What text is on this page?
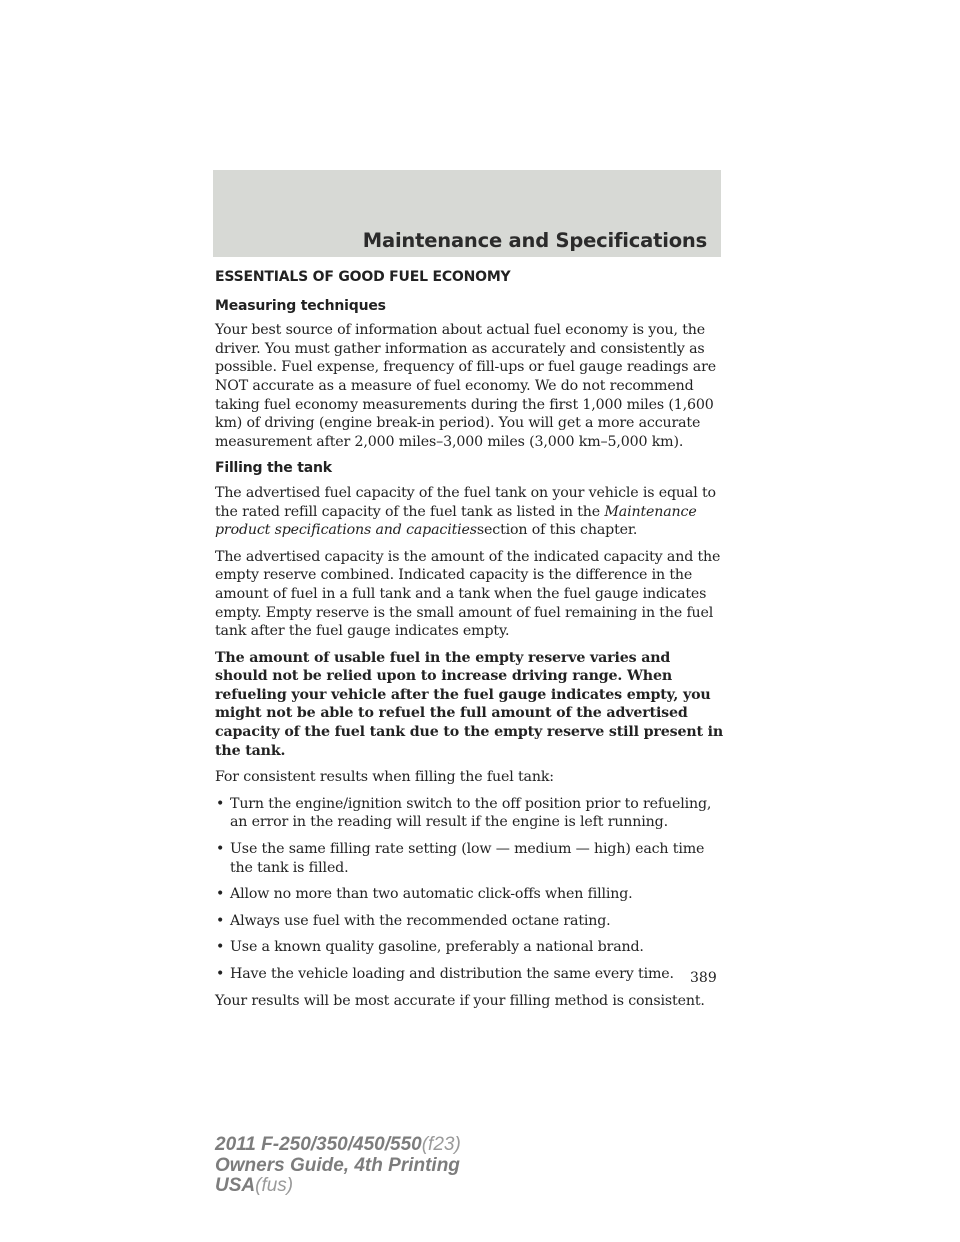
Maintenance and Specifications
ESSENTIALS OF GOOD FUEL ECONOMY
Measuring techniques

Your best source of information about actual fuel economy is you, the driver. You must gather information as accurately and consistently as possible. Fuel expense, frequency of fill-ups or fuel gauge readings are NOT accurate as a measure of fuel economy. We do not recommend taking fuel economy measurements during the first 1,000 miles (1,600 km) of driving (engine break-in period). You will get a more accurate measurement after 2,000 miles–3,000 miles (3,000 km–5,000 km).

Filling the tank

The advertised fuel capacity of the fuel tank on your vehicle is equal to the rated refill capacity of the fuel tank as listed in the Maintenance product specifications and capacitiessection of this chapter.

The advertised capacity is the amount of the indicated capacity and the empty reserve combined. Indicated capacity is the difference in the amount of fuel in a full tank and a tank when the fuel gauge indicates empty. Empty reserve is the small amount of fuel remaining in the fuel tank after the fuel gauge indicates empty.

The amount of usable fuel in the empty reserve varies and should not be relied upon to increase driving range. When refueling your vehicle after the fuel gauge indicates empty, you might not be able to refuel the full amount of the advertised capacity of the fuel tank due to the empty reserve still present in the tank.

For consistent results when filling the fuel tank:

• Turn the engine/ignition switch to the off position prior to refueling, an error in the reading will result if the engine is left running.
• Use the same filling rate setting (low — medium — high) each time the tank is filled.
• Allow no more than two automatic click-offs when filling.
• Always use fuel with the recommended octane rating.
• Use a known quality gasoline, preferably a national brand.
• Have the vehicle loading and distribution the same every time.

Your results will be most accurate if your filling method is consistent.

389
2011 F-250/350/450/550(f23)
Owners Guide, 4th Printing
USA(fus)
